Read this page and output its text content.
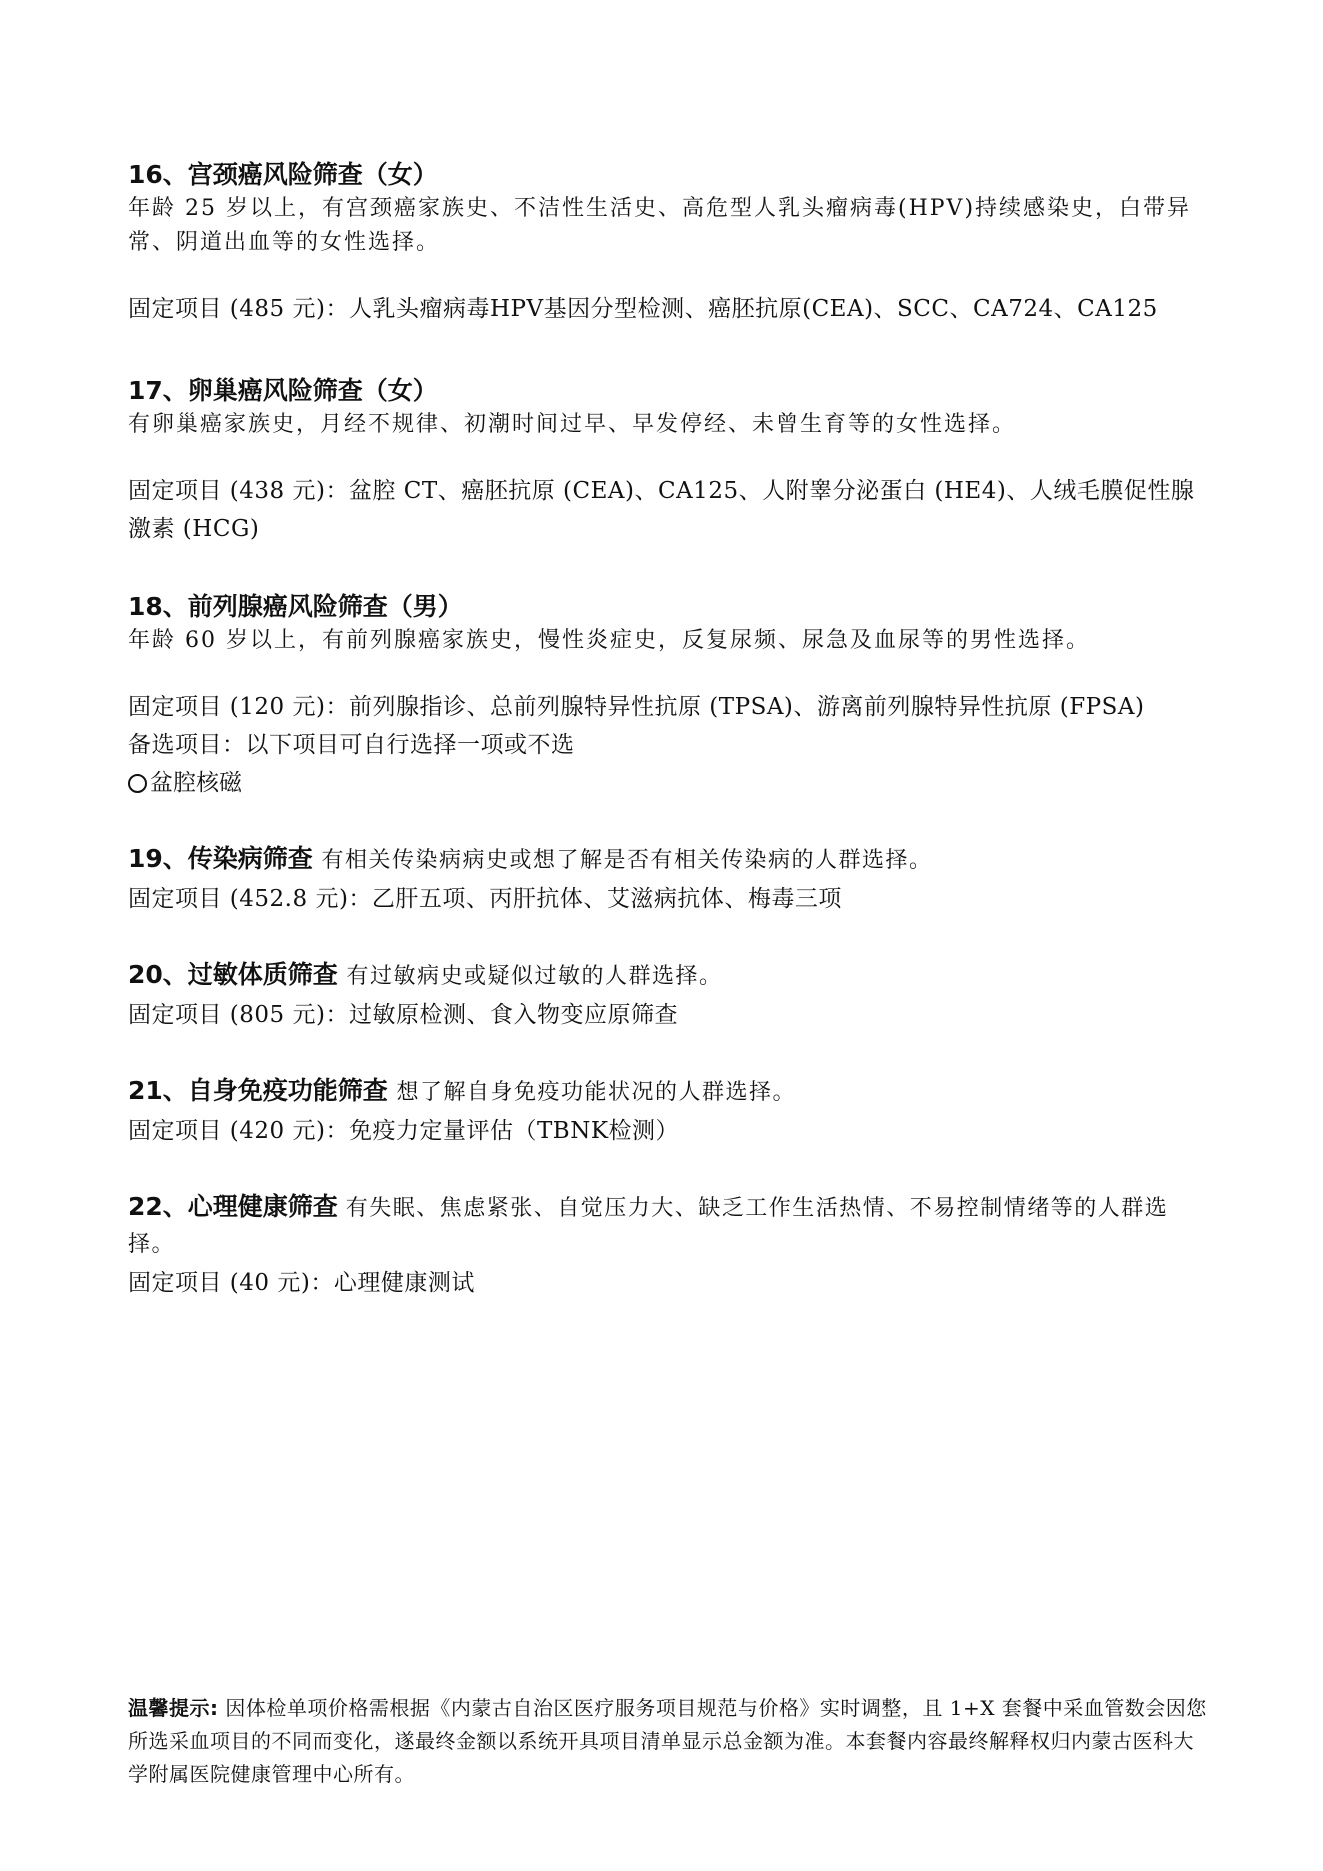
16、宫颈癌风险筛查（女）

年龄 25 岁以上，有宫颈癌家族史、不洁性生活史、高危型人乳头瘤病毒(HPV)持续感染史，白带异常、阴道出血等的女性选择。

固定项目 (485 元)：人乳头瘤病毒HPV基因分型检测、癌胚抗原(CEA)、SCC、CA724、CA125

17、卵巢癌风险筛查（女）

有卵巢癌家族史，月经不规律、初潮时间过早、早发停经、未曾生育等的女性选择。

固定项目 (438 元)：盆腔 CT、癌胚抗原 (CEA)、CA125、人附睾分泌蛋白 (HE4)、人绒毛膜促性腺激素 (HCG)

18、前列腺癌风险筛查（男）

年龄 60 岁以上，有前列腺癌家族史，慢性炎症史，反复尿频、尿急及血尿等的男性选择。

固定项目 (120 元)：前列腺指诊、总前列腺特异性抗原 (TPSA)、游离前列腺特异性抗原 (FPSA)

备选项目：以下项目可自行选择一项或不选

盆腔核磁

19、传染病筛查 有相关传染病病史或想了解是否有相关传染病的人群选择。

固定项目 (452.8 元)：乙肝五项、丙肝抗体、艾滋病抗体、梅毒三项

20、过敏体质筛查 有过敏病史或疑似过敏的人群选择。

固定项目 (805 元)：过敏原检测、食入物变应原筛查

21、自身免疫功能筛查 想了解自身免疫功能状况的人群选择。

固定项目 (420 元)：免疫力定量评估（TBNK检测）

22、心理健康筛查 有失眠、焦虑紧张、自觉压力大、缺乏工作生活热情、不易控制情绪等的人群选择。

固定项目 (40 元)：心理健康测试

温馨提示: 因体检单项价格需根据《内蒙古自治区医疗服务项目规范与价格》实时调整，且 1+X 套餐中采血管数会因您所选采血项目的不同而变化，遂最终金额以系统开具项目清单显示总金额为准。本套餐内容最终解释权归内蒙古医科大学附属医院健康管理中心所有。
